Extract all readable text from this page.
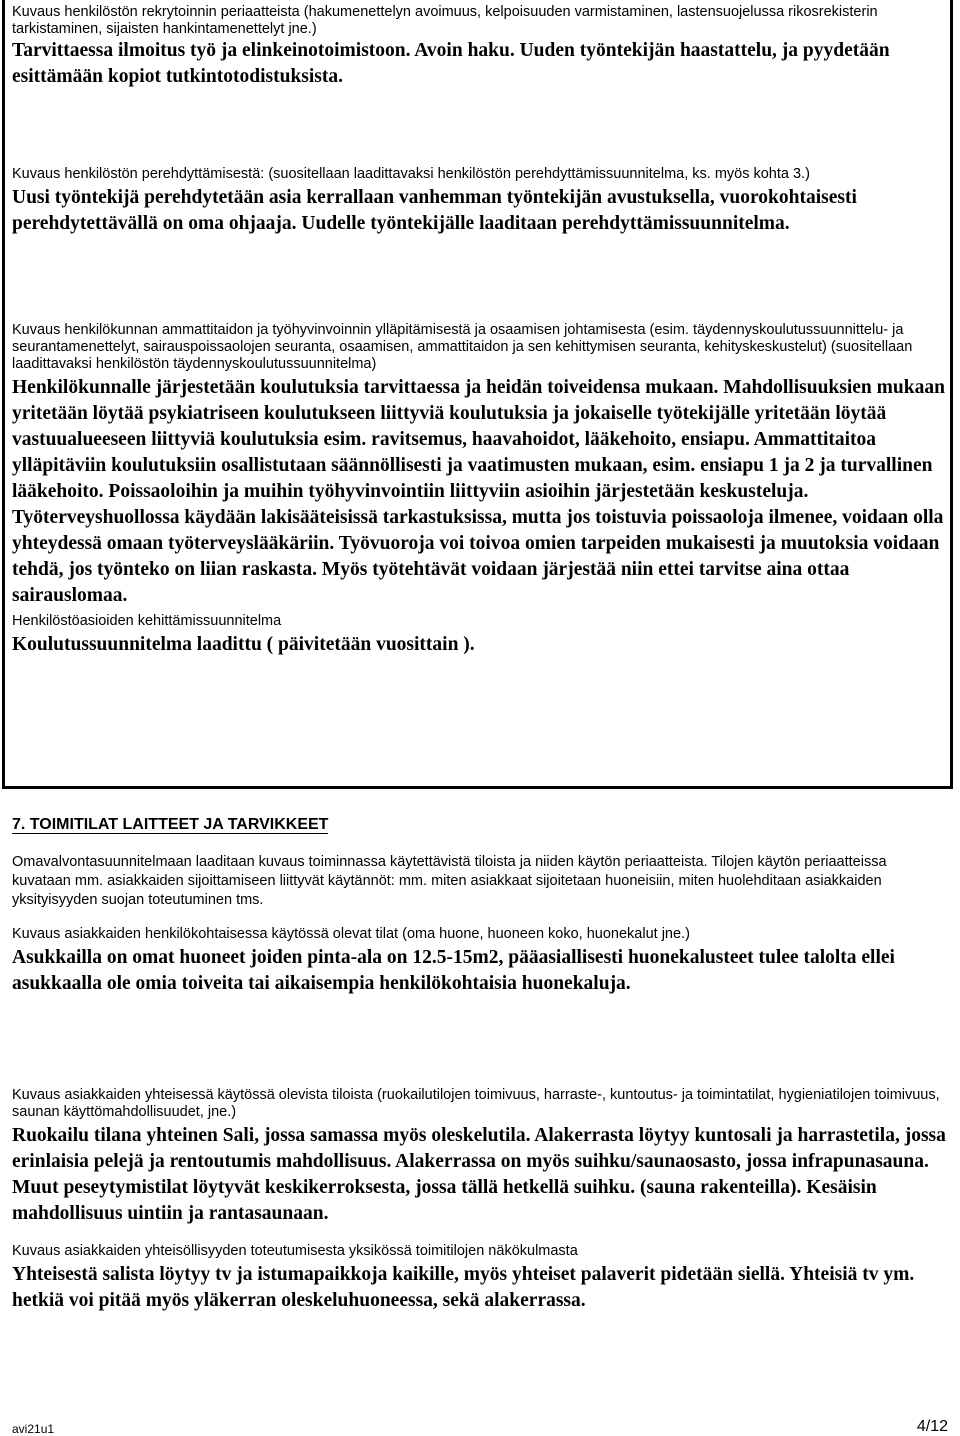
Kuvaus henkilöstön rekrytoinnin periaatteista (hakumenettelyn avoimuus, kelpoisuuden varmistaminen, lastensuojelussa rikosrekisterin tarkistaminen, sijaisten hankintamenettelyt jne.)

Tarvittaessa ilmoitus työ ja elinkeinotoimistoon. Avoin haku. Uuden työntekijän haastattelu, ja pyydetään esittämään kopiot tutkintotodistuksista.

Kuvaus henkilöstön perehdyttämisestä: (suositellaan laadittavaksi henkilöstön perehdyttämissuunnitelma, ks. myös kohta 3.)

Uusi työntekijä perehdytetään asia kerrallaan vanhemman työntekijän avustuksella, vuorokohtaisesti perehdytettävällä on oma ohjaaja. Uudelle työntekijälle laaditaan perehdyttämissuunnitelma.

Kuvaus henkilökunnan ammattitaidon ja työhyvinvoinnin ylläpitämisestä ja osaamisen johtamisesta (esim. täydennyskoulutussuunnittelu- ja seurantamenettelyt, sairauspoissaolojen seuranta, osaamisen, ammattitaidon ja sen kehittymisen seuranta, kehityskeskustelut) (suositellaan laadittavaksi henkilöstön täydennyskoulutussuunnitelma)

Henkilökunnalle järjestetään koulutuksia tarvittaessa ja heidän toiveidensa mukaan. Mahdollisuuksien mukaan yritetään löytää psykiatriseen koulutukseen liittyviä koulutuksia ja jokaiselle työtekijälle yritetään löytää vastuualueeseen liittyviä koulutuksia esim. ravitsemus, haavahoidot, lääkehoito, ensiapu. Ammattitaitoa ylläpitäviin koulutuksiin osallistutaan säännöllisesti ja vaatimusten mukaan, esim. ensiapu 1 ja 2 ja turvallinen lääkehoito. Poissaoloihin ja muihin työhyvinvointiin liittyviin asioihin järjestetään keskusteluja. Työterveyshuollossa käydään lakisääteisissä tarkastuksissa, mutta jos toistuvia poissaoloja ilmenee, voidaan olla yhteydessä omaan työterveyslääkäriin. Työvuoroja voi toivoa omien tarpeiden mukaisesti ja muutoksia voidaan tehdä, jos työnteko on liian raskasta. Myös työtehtävät voidaan järjestää niin ettei tarvitse aina ottaa sairauslomaa.

Henkilöstöasioiden kehittämissuunnitelma

Koulutussuunnitelma laadittu ( päivitetään vuosittain ).

7. TOIMITILAT LAITTEET JA TARVIKKEET

Omavalvontasuunnitelmaan laaditaan kuvaus toiminnassa käytettävistä tiloista ja niiden käytön periaatteista. Tilojen käytön periaatteissa kuvataan mm. asiakkaiden sijoittamiseen liittyvät käytännöt: mm. miten asiakkaat sijoitetaan huoneisiin, miten huolehditaan asiakkaiden yksityisyyden suojan toteutuminen tms.

Kuvaus asiakkaiden henkilökohtaisessa käytössä olevat tilat (oma huone, huoneen koko, huonekalut jne.)

Asukkailla on omat huoneet joiden pinta-ala on 12.5-15m2, pääasiallisesti huonekalusteet tulee talolta ellei asukkaalla ole omia toiveita tai aikaisempia henkilökohtaisia huonekaluja.

Kuvaus asiakkaiden yhteisessä käytössä olevista tiloista (ruokailutilojen toimivuus, harraste-, kuntoutus- ja toimintatilat, hygieniatilojen toimivuus, saunan käyttömahdollisuudet, jne.)

Ruokailu tilana yhteinen Sali, jossa samassa myös oleskelutila. Alakerrasta löytyy kuntosali ja harrastetila, jossa erinlaisia pelejä ja rentoutumis mahdollisuus. Alakerrassa on myös suihku/saunaosasto, jossa infrapunasauna. Muut peseytymistilat löytyvät keskikerroksesta, jossa tällä hetkellä suihku. (sauna rakenteilla). Kesäisin mahdollisuus uintiin ja rantasaunaan.

Kuvaus asiakkaiden yhteisöllisyyden toteutumisesta yksikössä toimitilojen näkökulmasta

Yhteisestä salista löytyy tv ja istumapaikkoja kaikille, myös yhteiset palaverit pidetään siellä. Yhteisiä tv ym. hetkiä voi pitää myös yläkerran oleskeluhuoneessa, sekä alakerrassa.

avi21u1	4/12
